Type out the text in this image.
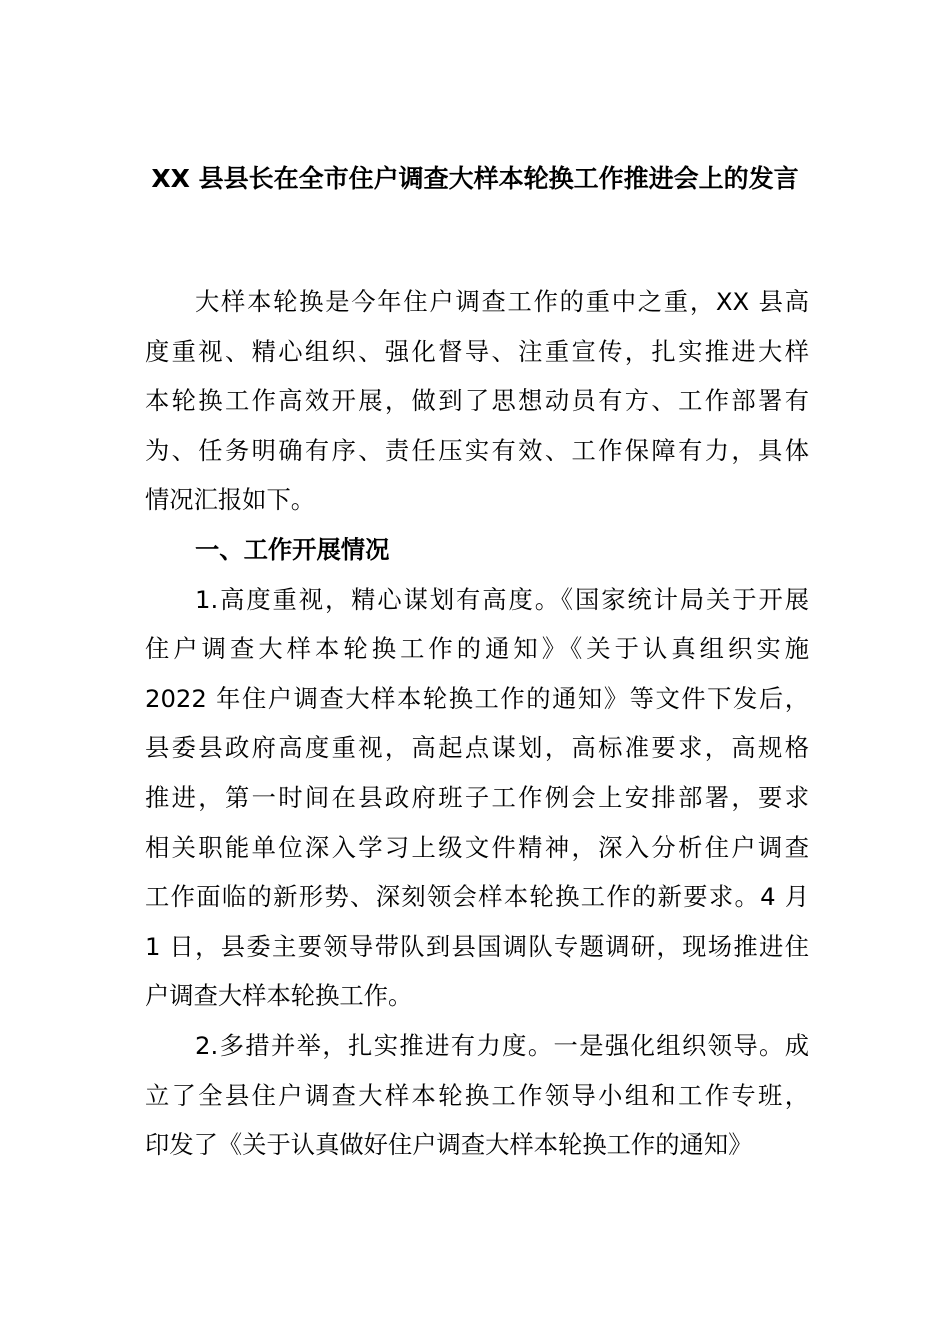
XX 县县长在全市住户调查大样本轮换工作推进会上的发言
大样本轮换是今年住户调查工作的重中之重，XX 县高
度重视、精心组织、强化督导、注重宣传，扎实推进大样
本轮换工作高效开展，做到了思想动员有方、工作部署有
为、任务明确有序、责任压实有效、工作保障有力，具体
情况汇报如下。
一、工作开展情况
1.高度重视，精心谋划有高度。《国家统计局关于开展
住户调查大样本轮换工作的通知》《关于认真组织实施
2022 年住户调查大样本轮换工作的通知》等文件下发后，
县委县政府高度重视，高起点谋划，高标准要求，高规格
推进，第一时间在县政府班子工作例会上安排部署，要求
相关职能单位深入学习上级文件精神，深入分析住户调查
工作面临的新形势、深刻领会样本轮换工作的新要求。4 月
1 日，县委主要领导带队到县国调队专题调研，现场推进住
户调查大样本轮换工作。
2.多措并举，扎实推进有力度。一是强化组织领导。成
立了全县住户调查大样本轮换工作领导小组和工作专班，
印发了《关于认真做好住户调查大样本轮换工作的通知》
